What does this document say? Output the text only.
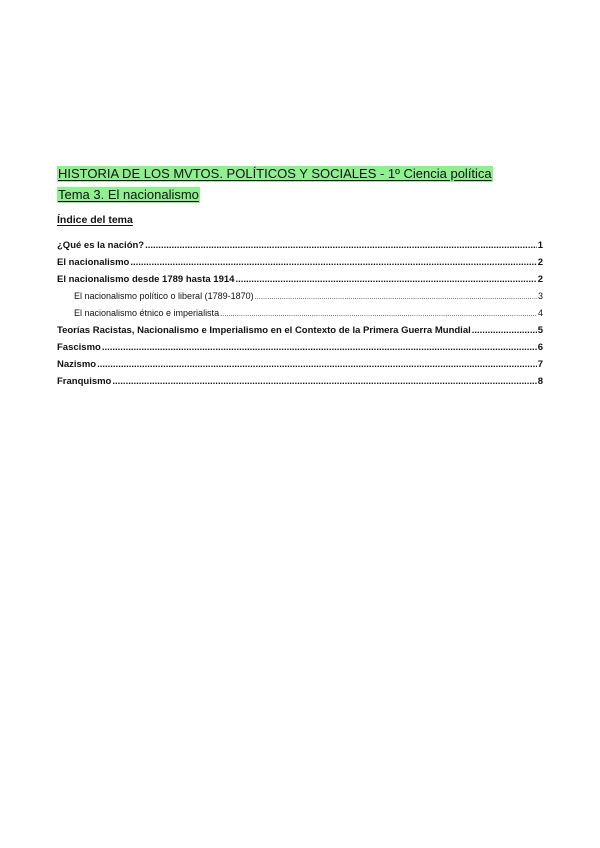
HISTORIA DE LOS MVTOS. POLÍTICOS Y SOCIALES - 1º Ciencia política
Tema 3. El nacionalismo
Índice del tema
¿Qué es la nación? .....	1
El nacionalismo .....	2
El nacionalismo desde 1789 hasta 1914 .....	2
El nacionalismo político o liberal (1789-1870) .....	3
El nacionalismo étnico e imperialista .....	4
Teorías Racistas, Nacionalismo e Imperialismo en el Contexto de la Primera Guerra Mundial .....	5
Fascismo .....	6
Nazismo .....	7
Franquismo .....	8
